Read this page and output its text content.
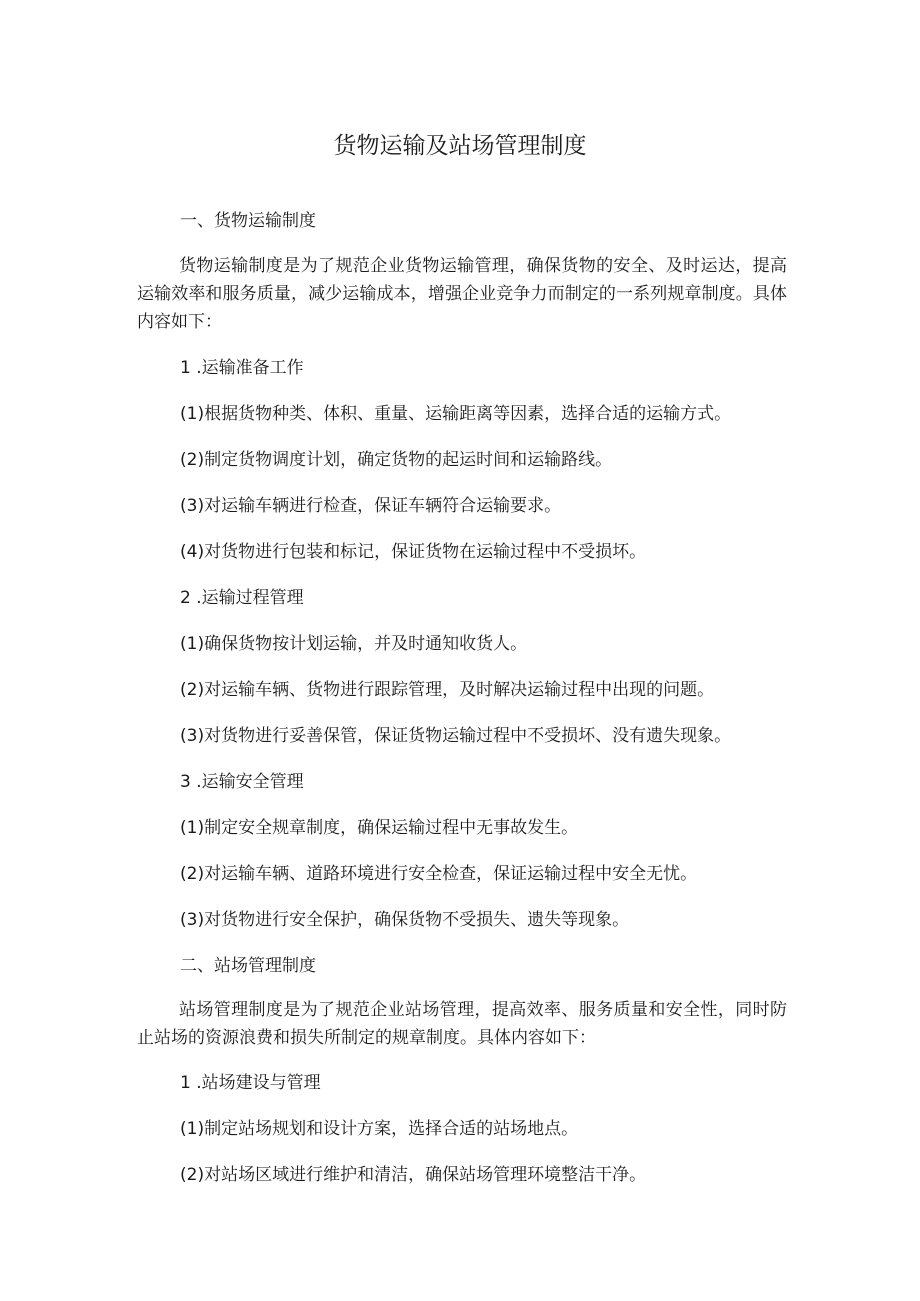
货物运输及站场管理制度
一、货物运输制度
货物运输制度是为了规范企业货物运输管理，确保货物的安全、及时运达，提高运输效率和服务质量，减少运输成本，增强企业竞争力而制定的一系列规章制度。具体内容如下：
1 .运输准备工作
(1)根据货物种类、体积、重量、运输距离等因素，选择合适的运输方式。
(2)制定货物调度计划，确定货物的起运时间和运输路线。
(3)对运输车辆进行检查，保证车辆符合运输要求。
(4)对货物进行包装和标记，保证货物在运输过程中不受损坏。
2 .运输过程管理
(1)确保货物按计划运输，并及时通知收货人。
(2)对运输车辆、货物进行跟踪管理，及时解决运输过程中出现的问题。
(3)对货物进行妥善保管，保证货物运输过程中不受损坏、没有遗失现象。
3 .运输安全管理
(1)制定安全规章制度，确保运输过程中无事故发生。
(2)对运输车辆、道路环境进行安全检查，保证运输过程中安全无忧。
(3)对货物进行安全保护，确保货物不受损失、遗失等现象。
二、站场管理制度
站场管理制度是为了规范企业站场管理，提高效率、服务质量和安全性，同时防止站场的资源浪费和损失所制定的规章制度。具体内容如下：
1 .站场建设与管理
(1)制定站场规划和设计方案，选择合适的站场地点。
(2)对站场区域进行维护和清洁，确保站场管理环境整洁干净。
